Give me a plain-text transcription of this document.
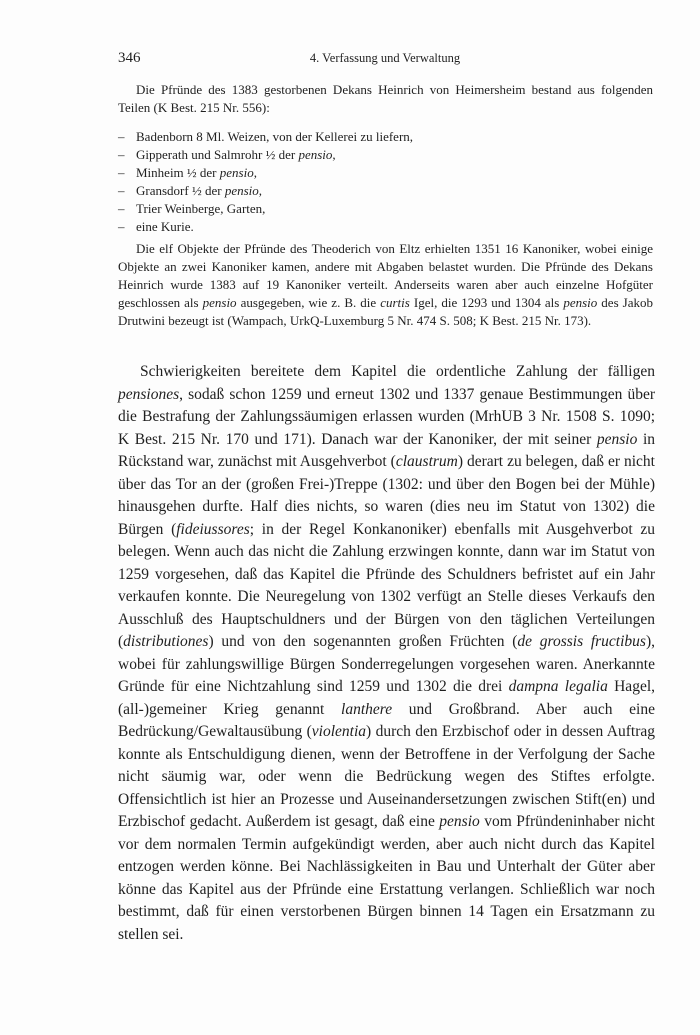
346	4. Verfassung und Verwaltung

Die Pfründe des 1383 gestorbenen Dekans Heinrich von Heimersheim bestand aus folgenden Teilen (K Best. 215 Nr. 556):

– Badenborn 8 Ml. Weizen, von der Kellerei zu liefern,
– Gipperath und Salmrohr ½ der pensio,
– Minheim ½ der pensio,
– Gransdorf ½ der pensio,
– Trier Weinberge, Garten,
– eine Kurie.

Die elf Objekte der Pfründe des Theoderich von Eltz erhielten 1351 16 Kanoniker, wobei einige Objekte an zwei Kanoniker kamen, andere mit Abgaben belastet wurden. Die Pfründe des Dekans Heinrich wurde 1383 auf 19 Kanoniker verteilt. Anderseits waren aber auch einzelne Hofgüter geschlossen als pensio ausgegeben, wie z. B. die curtis Igel, die 1293 und 1304 als pensio des Jakob Drutwini bezeugt ist (Wampach, UrkQ-Luxemburg 5 Nr. 474 S. 508; K Best. 215 Nr. 173).

Schwierigkeiten bereitete dem Kapitel die ordentliche Zahlung der fälligen pensiones, sodaß schon 1259 und erneut 1302 und 1337 genaue Bestimmungen über die Bestrafung der Zahlungssäumigen erlassen wurden (MrhUB 3 Nr. 1508 S. 1090; K Best. 215 Nr. 170 und 171). Danach war der Kanoniker, der mit seiner pensio in Rückstand war, zunächst mit Ausgehverbot (claustrum) derart zu belegen, daß er nicht über das Tor an der (großen Frei-)Treppe (1302: und über den Bogen bei der Mühle) hinausgehen durfte. Half dies nichts, so waren (dies neu im Statut von 1302) die Bürgen (fideiussores; in der Regel Konkanoniker) ebenfalls mit Ausgehverbot zu belegen. Wenn auch das nicht die Zahlung erzwingen konnte, dann war im Statut von 1259 vorgesehen, daß das Kapitel die Pfründe des Schuldners befristet auf ein Jahr verkaufen konnte. Die Neuregelung von 1302 verfügt an Stelle dieses Verkaufs den Ausschluß des Hauptschuldners und der Bürgen von den täglichen Verteilungen (distributiones) und von den sogenannten großen Früchten (de grossis fructibus), wobei für zahlungswillige Bürgen Sonderregelungen vorgesehen waren. Anerkannte Gründe für eine Nichtzahlung sind 1259 und 1302 die drei dampna legalia Hagel, (all-)gemeiner Krieg genannt lanthere und Großbrand. Aber auch eine Bedrückung/Gewaltausübung (violentia) durch den Erzbischof oder in dessen Auftrag konnte als Entschuldigung dienen, wenn der Betroffene in der Verfolgung der Sache nicht säumig war, oder wenn die Bedrückung wegen des Stiftes erfolgte. Offensichtlich ist hier an Prozesse und Auseinandersetzungen zwischen Stift(en) und Erzbischof gedacht. Außerdem ist gesagt, daß eine pensio vom Pfründeninhaber nicht vor dem normalen Termin aufgekündigt werden, aber auch nicht durch das Kapitel entzogen werden könne. Bei Nachlässigkeiten in Bau und Unterhalt der Güter aber könne das Kapitel aus der Pfründe eine Erstattung verlangen. Schließlich war noch bestimmt, daß für einen verstorbenen Bürgen binnen 14 Tagen ein Ersatzmann zu stellen sei.
